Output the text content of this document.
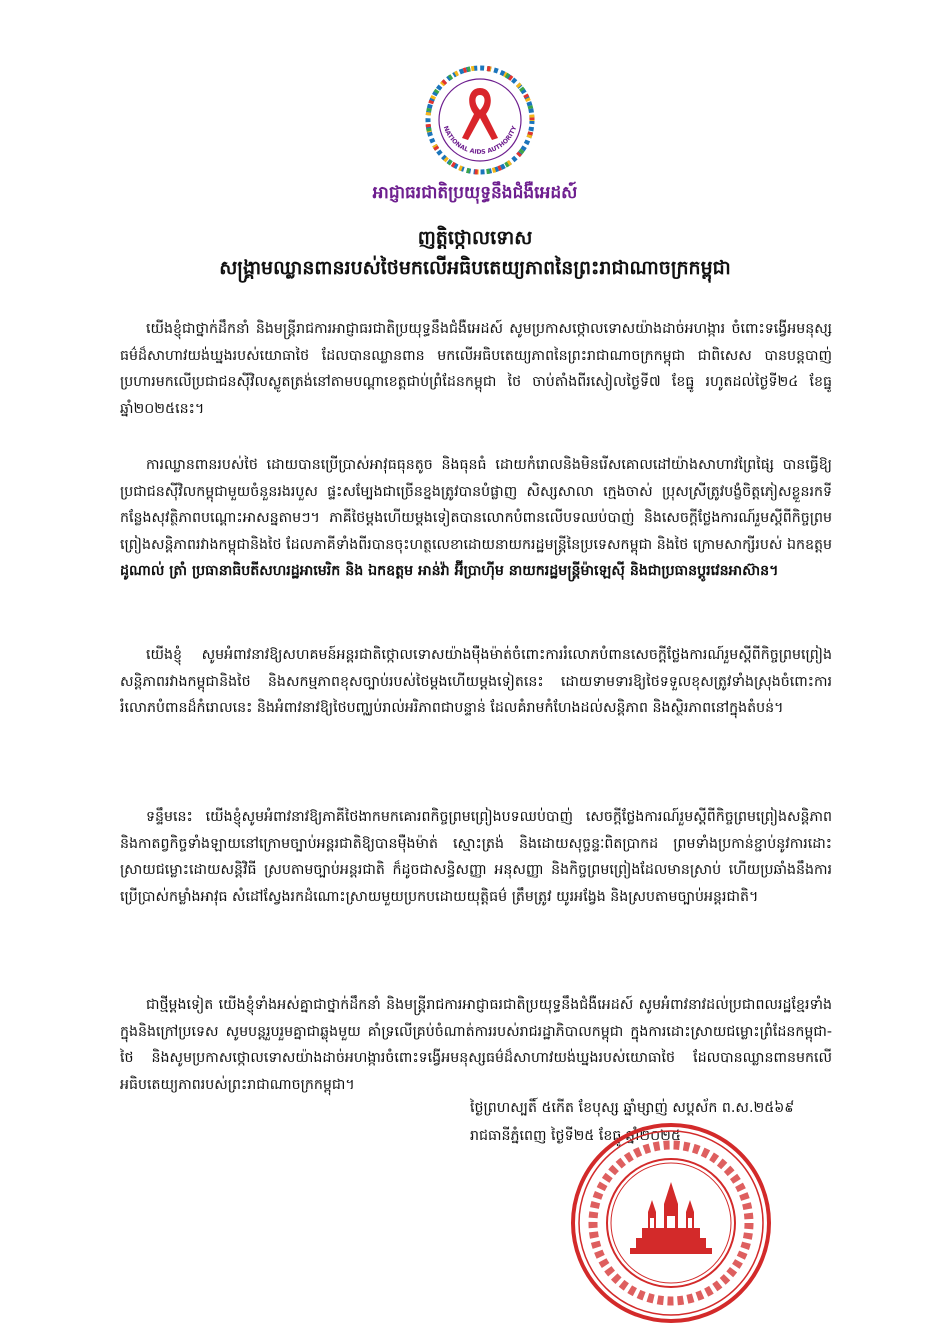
NATIONAL AIDS AUTHORITY
អាជ្ញាធរជាតិប្រយុទ្ធនឹងជំងឺអេដស៍
ញត្តិថ្កោលទោស
សង្គ្រាមឈ្លានពានរបស់ថៃមកលើអធិបតេយ្យភាពនៃព្រះរាជាណាចក្រកម្ពុជា

យើងខ្ញុំជាថ្នាក់ដឹកនាំ និងមន្ត្រីរាជការអាជ្ញាធរជាតិប្រយុទ្ធនឹងជំងឺអេដស៍ សូមប្រកាសថ្កោលទោសយ៉ាងដាច់អហង្ការ ចំពោះទង្វើអមនុស្សធម៌ដ៏សាហាវយង់ឃ្នងរបស់យោធាថៃ ដែលបានឈ្លានពាន មកលើអធិបតេយ្យភាពនៃព្រះរាជាណាចក្រកម្ពុជា ជាពិសេស បានបន្តបាញ់ប្រហារមកលើប្រជាជនស៊ីវិលស្លូតត្រង់នៅតាមបណ្តាខេត្តជាប់ព្រំដែនកម្ពុជា ថៃ ចាប់តាំងពីរសៀលថ្ងៃទី៧ ខែធ្នូ រហូតដល់ថ្ងៃទី២៤ ខែធ្នូ ឆ្នាំ២០២៥នេះ។

ការឈ្លានពានរបស់ថៃ ដោយបានប្រើប្រាស់អាវុធធុនតូច និងធុនធំ ដោយកំរោលនិងមិនរើសគោលដៅយ៉ាងសាហាវព្រៃផ្សៃ បានធ្វើឱ្យប្រជាជនស៊ីវិលកម្ពុជាមួយចំនួនរងរបួស ផ្ទះសម្បែងជាច្រើនខ្នងត្រូវបានបំផ្លាញ សិស្សសាលា ក្មេងចាស់ ប្រុសស្រីត្រូវបង្ខំចិត្តភៀសខ្លួនរកទីកន្លែងសុវត្ថិភាពបណ្តោះអាសន្នតាមៗ។ ភាគីថៃម្តងហើយម្តងទៀតបានលោកបំពានលើបទឈប់បាញ់ និងសេចក្តីថ្លែងការណ៍រួមស្តីពីកិច្ចព្រមព្រៀងសន្តិភាពរវាងកម្ពុជានិងថៃ ដែលភាគីទាំងពីរបានចុះហត្ថលេខាដោយនាយករដ្ឋមន្ត្រីនៃប្រទេសកម្ពុជា និងថៃ ក្រោមសាក្សីរបស់ ឯកឧត្តម ដូណាល់ ត្រាំ ប្រធានាធិបតីសហរដ្ឋអាមេរិក និង ឯកឧត្តម អាន់វ៉ា អ៊ីប្រាហ៊ីម នាយករដ្ឋមន្ត្រីម៉ាឡេស៊ី និងជាប្រធានប្តូរវេនអាស៊ាន។

យើងខ្ញុំ សូមអំពាវនាវឱ្យសហគមន៍អន្តរជាតិថ្កោលទោសយ៉ាងម៉ឺងម៉ាត់ចំពោះការរំលោភបំពានសេចក្តីថ្លែងការណ៍រួមស្តីពីកិច្ចព្រមព្រៀងសន្តិភាពរវាងកម្ពុជានិងថៃ និងសកម្មភាពខុសច្បាប់របស់ថៃម្តងហើយម្តងទៀតនេះ ដោយទាមទារឱ្យថៃទទួលខុសត្រូវទាំងស្រុងចំពោះការរំលោភបំពានដ៏កំរោលនេះ និងអំពាវនាវឱ្យថៃបញ្ឈប់រាល់អរិភាពជាបន្ទាន់ ដែលគំរាមកំហែងដល់សន្តិភាព និងស្ថិរភាពនៅក្នុងតំបន់។

ទន្ទឹមនេះ យើងខ្ញុំសូមអំពាវនាវឱ្យភាគីថៃងាកមកគោរពកិច្ចព្រមព្រៀងបទឈប់បាញ់ សេចក្តីថ្លែងការណ៍រួមស្តីពីកិច្ចព្រមព្រៀងសន្តិភាព និងកាតព្វកិច្ចទាំងឡាយនៅក្រោមច្បាប់អន្តរជាតិឱ្យបានម៉ឺងម៉ាត់ ស្មោះត្រង់ និងដោយសុច្ចន្ទៈពិតប្រាកដ ព្រមទាំងប្រកាន់ខ្ជាប់នូវការដោះស្រាយជម្លោះដោយសន្តិវិធី ស្របតាមច្បាប់អន្តរជាតិ ក៏ដូចជាសន្ធិសញ្ញា អនុសញ្ញា និងកិច្ចព្រមព្រៀងដែលមានស្រាប់ ហើយប្រឆាំងនឹងការប្រើប្រាស់កម្លាំងអាវុធ សំដៅស្វែងរកដំណោះស្រាយមួយប្រកបដោយយុត្តិធម៌ ត្រឹមត្រូវ យូរអង្វែង និងស្របតាមច្បាប់អន្តរជាតិ។

ជាថ្មីម្តងទៀត យើងខ្ញុំទាំងអស់គ្នាជាថ្នាក់ដឹកនាំ និងមន្ត្រីរាជការអាជ្ញាធរជាតិប្រយុទ្ធនឹងជំងឺអេដស៍ សូមអំពាវនាវដល់ប្រជាពលរដ្ឋខ្មែរទាំងក្នុងនិងក្រៅប្រទេស សូមបន្តរួបរួមគ្នាជាឆ្លុងមួយ គាំទ្រលើគ្រប់ចំណាត់ការរបស់រាជរដ្ឋាភិបាលកម្ពុជា ក្នុងការដោះស្រាយជម្លោះព្រំដែនកម្ពុជា-ថៃ និងសូមប្រកាសថ្កោលទោសយ៉ាងដាច់អហង្ការចំពោះទង្វើអមនុស្សធម៌ដ៏សាហាវយង់ឃ្នងរបស់យោធាថៃ ដែលបានឈ្លានពានមកលើអធិបតេយ្យភាពរបស់ព្រះរាជាណាចក្រកម្ពុជា។

ថ្ងៃព្រហស្បតិ៍ ៥កើត ខែបុស្ស ឆ្នាំម្សាញ់ សប្តស័ក ព.ស.២៥៦៩
រាជធានីភ្នំពេញ ថ្ងៃទី២៥ ខែធ្នូ ឆ្នាំ២០២៥
